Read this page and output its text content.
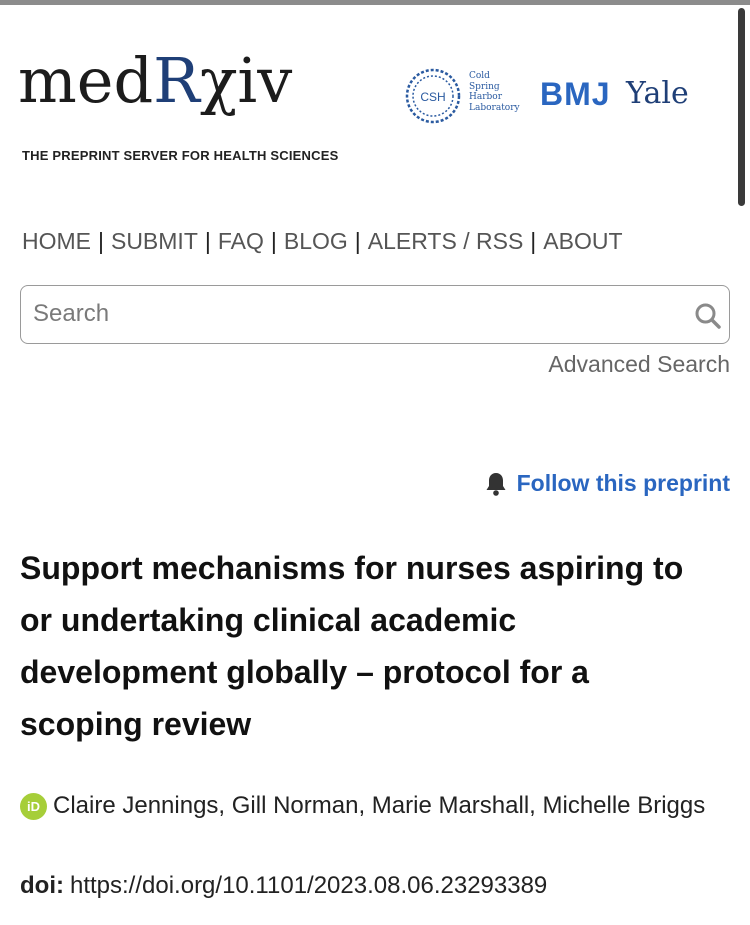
medRχiv
THE PREPRINT SERVER FOR HEALTH SCIENCES
CSH
Cold
Spring
Harbor
Laboratory BMJ Yale
HOME | SUBMIT | FAQ | BLOG | ALERTS / RSS | ABOUT
Search
Advanced Search
Follow this preprint
Support mechanisms for nurses aspiring to or undertaking clinical academic development globally – protocol for a scoping review
iD Claire Jennings, Gill Norman, Marie Marshall, Michelle Briggs
doi: https://doi.org/10.1101/2023.08.06.23293389
